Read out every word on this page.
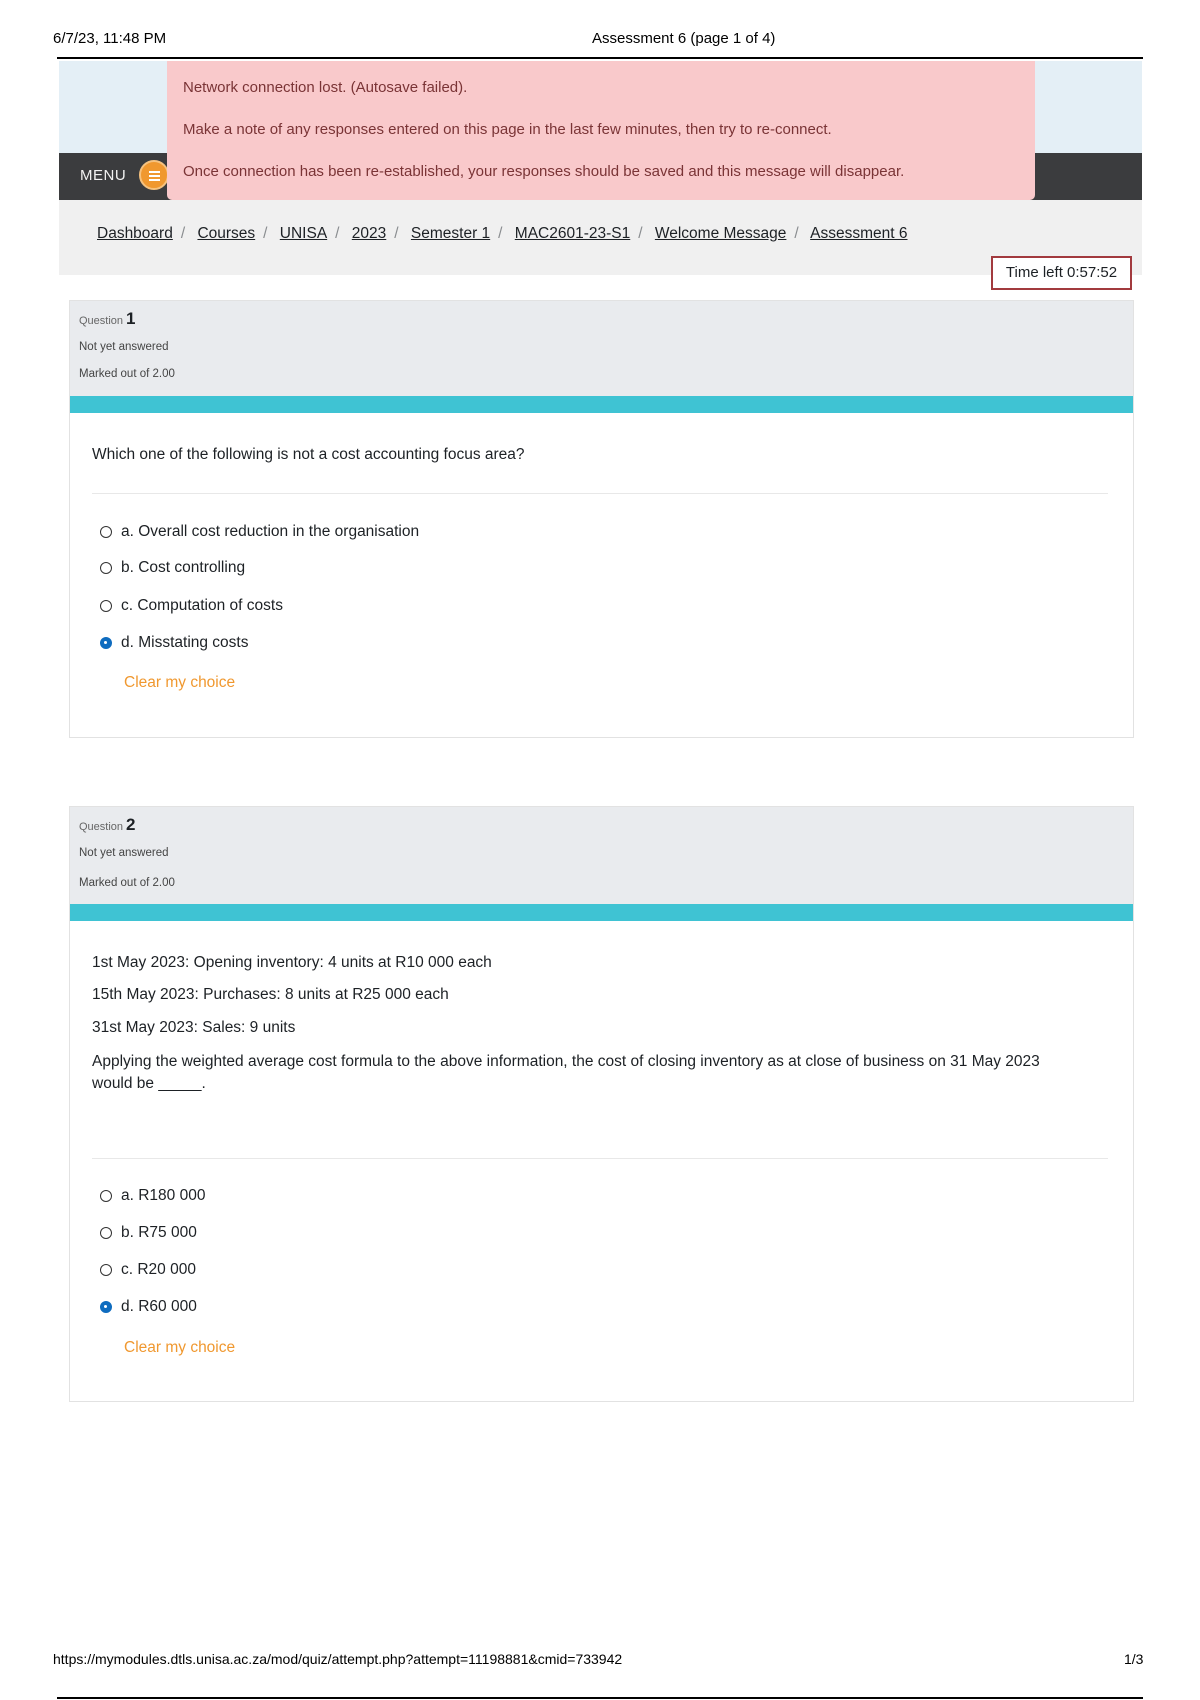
6/7/23, 11:48 PM	Assessment 6 (page 1 of 4)
MENU

Network connection lost. (Autosave failed).

Make a note of any responses entered on this page in the last few minutes, then try to re-connect.

Once connection has been re-established, your responses should be saved and this message will disappear.

Dashboard / Courses / UNISA / 2023 / Semester 1 / MAC2601-23-S1 / Welcome Message / Assessment 6
Time left 0:57:52
Question 1
Not yet answered
Marked out of 2.00
Which one of the following is not a cost accounting focus area?
a. Overall cost reduction in the organisation
b. Cost controlling
c. Computation of costs
d. Misstating costs
Clear my choice
Question 2
Not yet answered
Marked out of 2.00
1st May 2023: Opening inventory: 4 units at R10 000 each
15th May 2023: Purchases: 8 units at R25 000 each
31st May 2023: Sales: 9 units
Applying the weighted average cost formula to the above information, the cost of closing inventory as at close of business on 31 May 2023
would be _____.
a. R180 000
b. R75 000
c. R20 000
d. R60 000
Clear my choice
https://mymodules.dtls.unisa.ac.za/mod/quiz/attempt.php?attempt=11198881&cmid=733942	1/3
